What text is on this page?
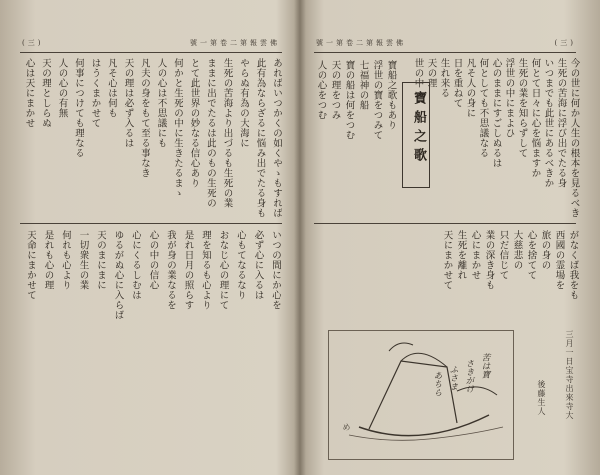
(三)	號一第卷二第報雲佛
あればいつかくの如くやゝもすれば
此有為ならざるに悩み出でたる身も
やらぬ有為の大海に
生死の苦海より出づるも生死の業
ままに出でたるは此のもの生死の
とて此世界の妙なる信心あり
何かと生死の中に生きたるまゝ
人の心は不思議にも
凡夫の身をもて至る事なき
天の理は必ず入るは
凡そ心は何も
はうくまかせて
何事につけても理なる
人の心の有無
天の理としらぬ
心は天にまかせ
いつの間にか心を
必ず心に入るは
心もてなるなり
おなじ心の理にて
理を知るも心より
是れ日月の照らす
我が身の業なるを
心の中の信心
心にくるしむは
ゆるがぬ心に入らば
天のまにまに
一切衆生の業
何れも心より
是れも心の理
天命にまかせて
號一第卷二第報雲佛	(三)
今の世に何か人生の根本を見るべき
生死の苦海に浮び出でたる身
いつまでも此世にあるべきか
何とて日々に心を悩ますか
生死の業を知らずして
浮世の中にまよひ
心のままにすごしぬるは
何としても不思議なる
凡そ人の身に
日を重ねて
生れ来る
天の理
世の中
寶船之歌
寶船之歌もあり
浮世の寶をつみて
七福神の船
寶の船は何をつむ
天の理をつみ
人の心をつむ
がなくば我をも
西國の霊場を
旅の身の
心を捨てて
大慈悲の
只だ信じて
業の深き身も
心にまかせ
生死を離れ
天にまかせて
苦は寶
さきがけ
ふさま
あちら
め
三月一日宝寺出來寺大
後藤生人
